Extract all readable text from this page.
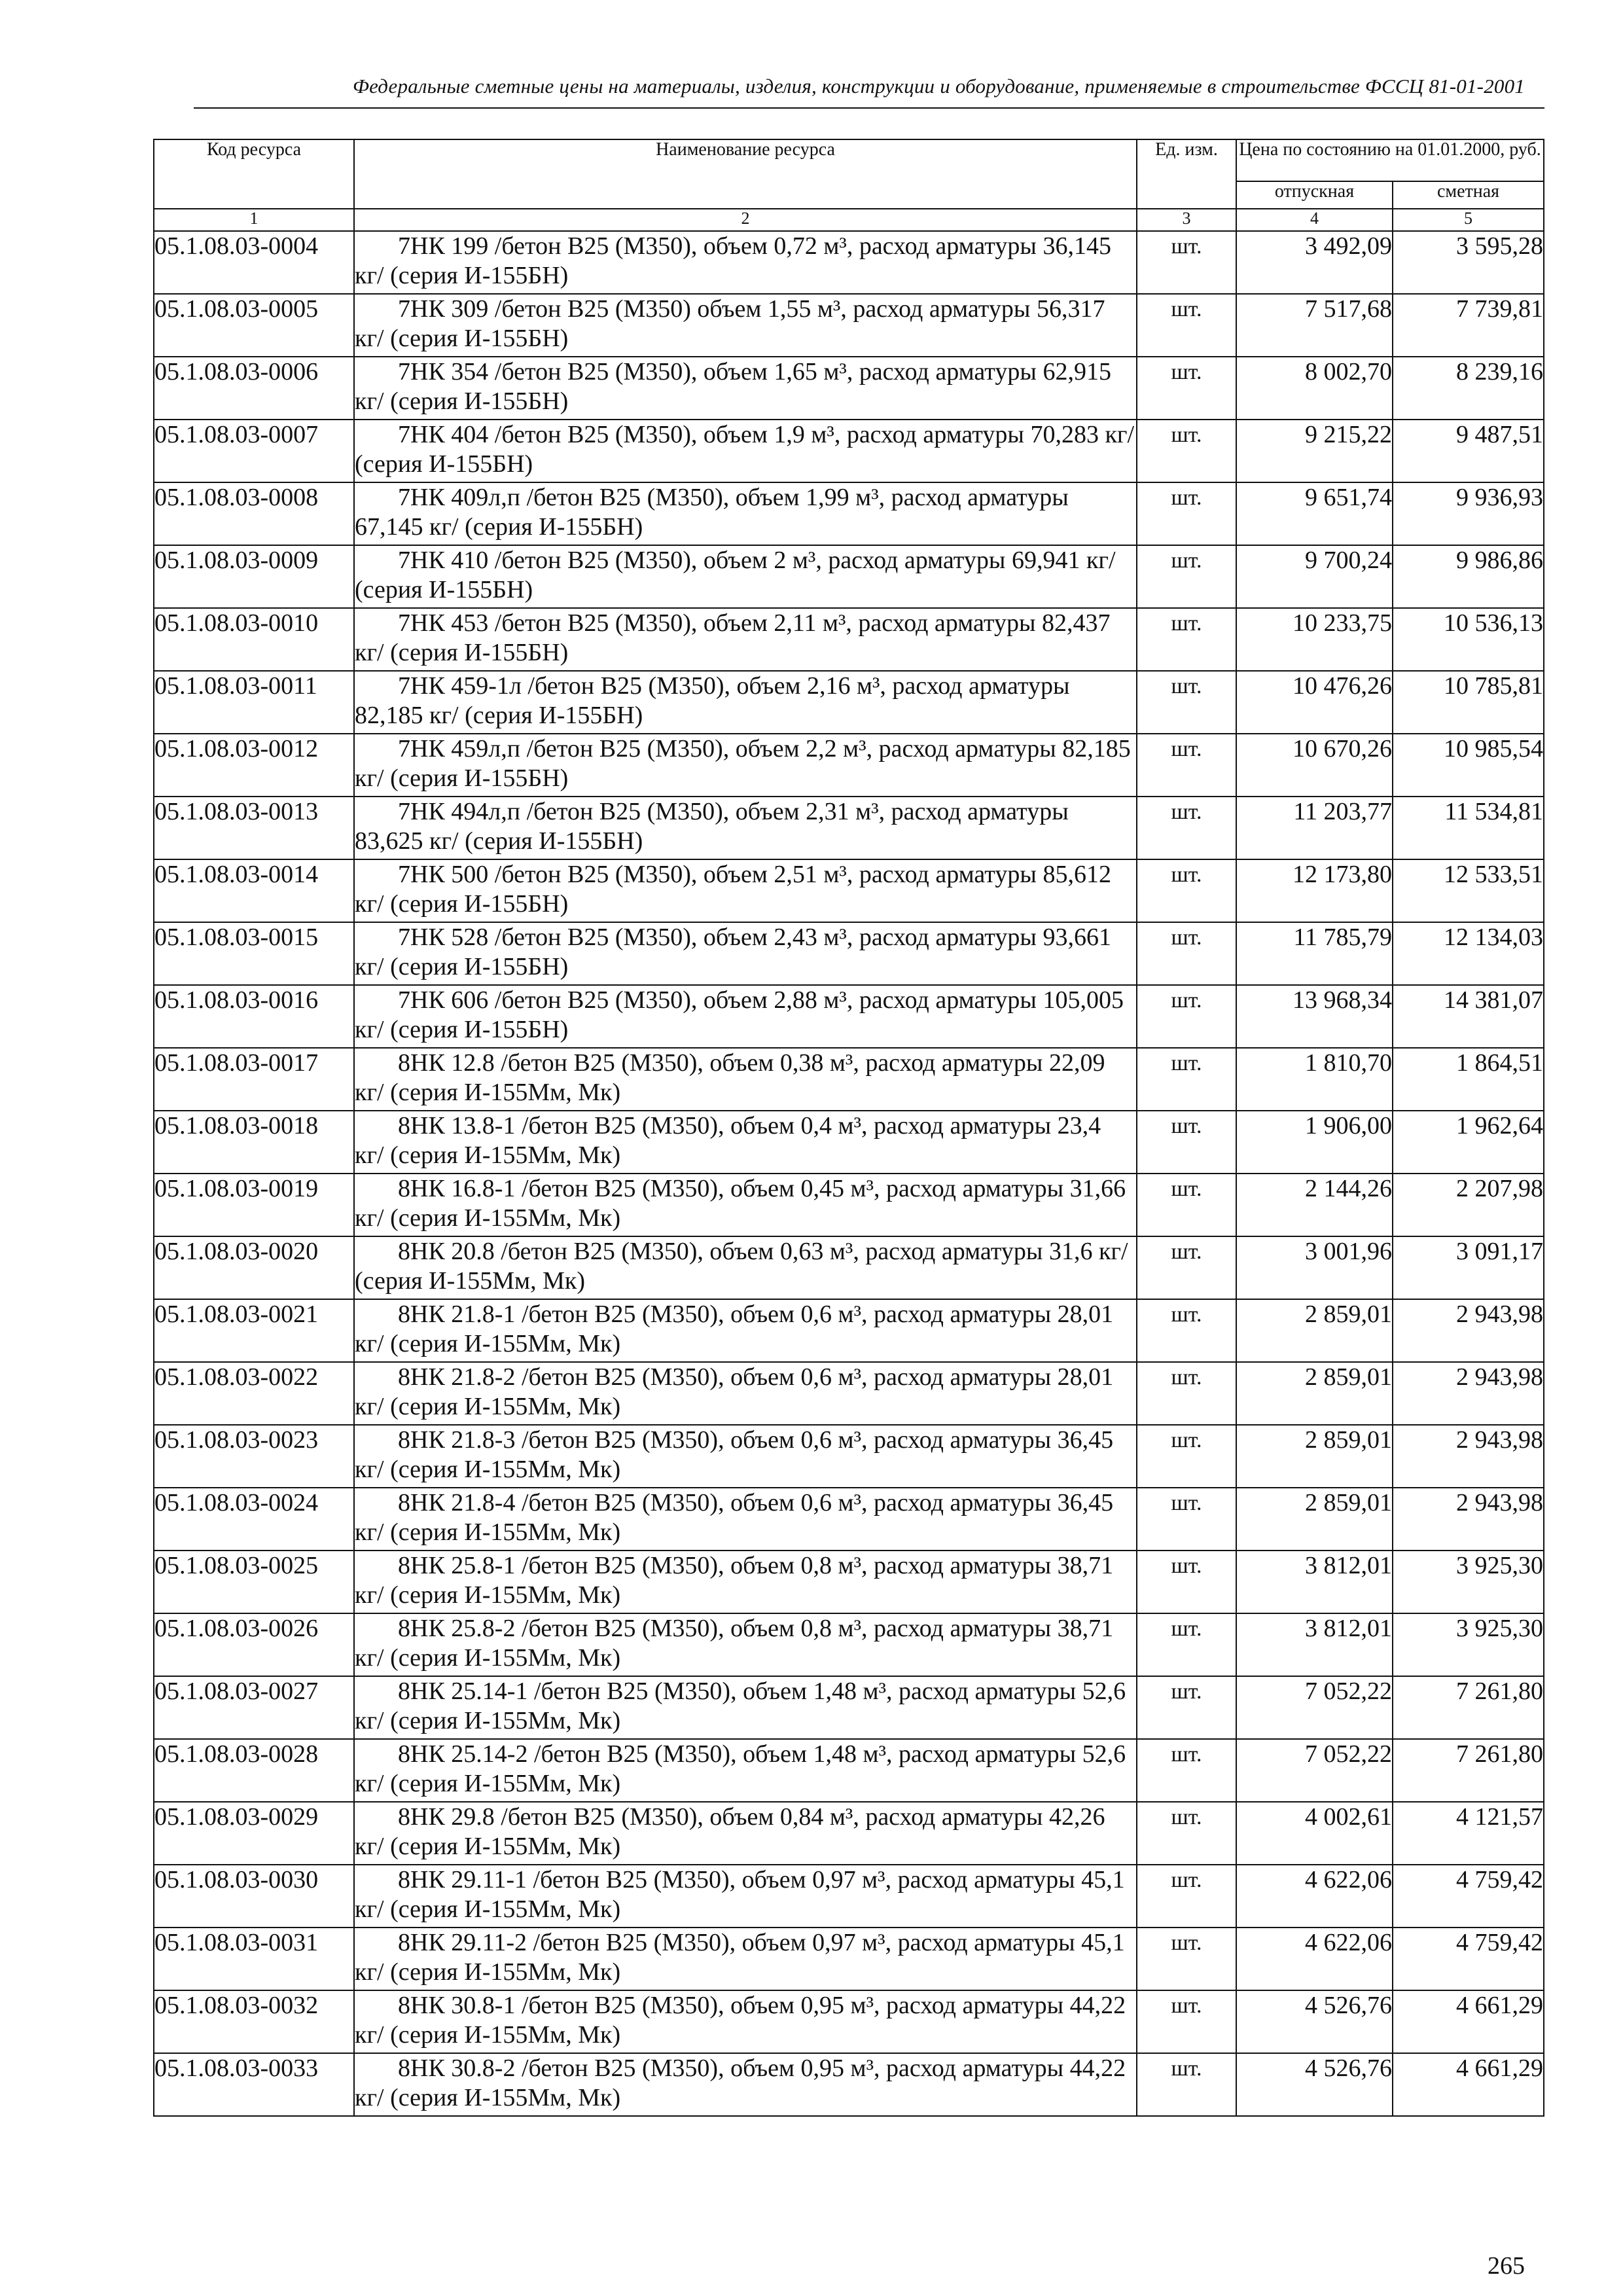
Федеральные сметные цены на материалы, изделия, конструкции и оборудование, применяемые в строительстве ФССЦ 81-01-2001
Код ресурса	Наименование ресурса	Ед. изм.	Цена по состоянию на 01.01.2000, руб.	
			отпускная	сметная
1	2	3	4	5
05.1.08.03-0004	7НК 199 /бетон В25 (М350), объем 0,72 м³, расход арматуры 36,145 кг/ (серия И-155БН)	шт.	3 492,09	3 595,28
05.1.08.03-0005	7НК 309 /бетон В25 (М350) объем 1,55 м³, расход арматуры 56,317 кг/ (серия И-155БН)	шт.	7 517,68	7 739,81
05.1.08.03-0006	7НК 354 /бетон В25 (М350), объем 1,65 м³, расход арматуры 62,915 кг/ (серия И-155БН)	шт.	8 002,70	8 239,16
05.1.08.03-0007	7НК 404 /бетон В25 (М350), объем 1,9 м³, расход арматуры 70,283 кг/ (серия И-155БН)	шт.	9 215,22	9 487,51
05.1.08.03-0008	7НК 409л,п /бетон В25 (М350), объем 1,99 м³, расход арматуры 67,145 кг/ (серия И-155БН)	шт.	9 651,74	9 936,93
05.1.08.03-0009	7НК 410 /бетон В25 (М350), объем 2 м³, расход арматуры 69,941 кг/ (серия И-155БН)	шт.	9 700,24	9 986,86
05.1.08.03-0010	7НК 453 /бетон В25 (М350), объем 2,11 м³, расход арматуры 82,437 кг/ (серия И-155БН)	шт.	10 233,75	10 536,13
05.1.08.03-0011	7НК 459-1л /бетон В25 (М350), объем 2,16 м³, расход арматуры 82,185 кг/ (серия И-155БН)	шт.	10 476,26	10 785,81
05.1.08.03-0012	7НК 459л,п /бетон В25 (М350), объем 2,2 м³, расход арматуры 82,185 кг/ (серия И-155БН)	шт.	10 670,26	10 985,54
05.1.08.03-0013	7НК 494л,п /бетон В25 (М350), объем 2,31 м³, расход арматуры 83,625 кг/ (серия И-155БН)	шт.	11 203,77	11 534,81
05.1.08.03-0014	7НК 500 /бетон В25 (М350), объем 2,51 м³, расход арматуры 85,612 кг/ (серия И-155БН)	шт.	12 173,80	12 533,51
05.1.08.03-0015	7НК 528 /бетон В25 (М350), объем 2,43 м³, расход арматуры 93,661 кг/ (серия И-155БН)	шт.	11 785,79	12 134,03
05.1.08.03-0016	7НК 606 /бетон В25 (М350), объем 2,88 м³, расход арматуры 105,005 кг/ (серия И-155БН)	шт.	13 968,34	14 381,07
05.1.08.03-0017	8НК 12.8 /бетон В25 (М350), объем 0,38 м³, расход арматуры 22,09 кг/ (серия И-155Мм, Мк)	шт.	1 810,70	1 864,51
05.1.08.03-0018	8НК 13.8-1 /бетон В25 (М350), объем 0,4 м³, расход арматуры 23,4 кг/ (серия И-155Мм, Мк)	шт.	1 906,00	1 962,64
05.1.08.03-0019	8НК 16.8-1 /бетон В25 (М350), объем 0,45 м³, расход арматуры 31,66 кг/ (серия И-155Мм, Мк)	шт.	2 144,26	2 207,98
05.1.08.03-0020	8НК 20.8 /бетон В25 (М350), объем 0,63 м³, расход арматуры 31,6 кг/ (серия И-155Мм, Мк)	шт.	3 001,96	3 091,17
05.1.08.03-0021	8НК 21.8-1 /бетон В25 (М350), объем 0,6 м³, расход арматуры 28,01 кг/ (серия И-155Мм, Мк)	шт.	2 859,01	2 943,98
05.1.08.03-0022	8НК 21.8-2 /бетон В25 (М350), объем 0,6 м³, расход арматуры 28,01 кг/ (серия И-155Мм, Мк)	шт.	2 859,01	2 943,98
05.1.08.03-0023	8НК 21.8-3 /бетон В25 (М350), объем 0,6 м³, расход арматуры 36,45 кг/ (серия И-155Мм, Мк)	шт.	2 859,01	2 943,98
05.1.08.03-0024	8НК 21.8-4 /бетон В25 (М350), объем 0,6 м³, расход арматуры 36,45 кг/ (серия И-155Мм, Мк)	шт.	2 859,01	2 943,98
05.1.08.03-0025	8НК 25.8-1 /бетон В25 (М350), объем 0,8 м³, расход арматуры 38,71 кг/ (серия И-155Мм, Мк)	шт.	3 812,01	3 925,30
05.1.08.03-0026	8НК 25.8-2 /бетон В25 (М350), объем 0,8 м³, расход арматуры 38,71 кг/ (серия И-155Мм, Мк)	шт.	3 812,01	3 925,30
05.1.08.03-0027	8НК 25.14-1 /бетон В25 (М350), объем 1,48 м³, расход арматуры 52,6 кг/ (серия И-155Мм, Мк)	шт.	7 052,22	7 261,80
05.1.08.03-0028	8НК 25.14-2 /бетон В25 (М350), объем 1,48 м³, расход арматуры 52,6 кг/ (серия И-155Мм, Мк)	шт.	7 052,22	7 261,80
05.1.08.03-0029	8НК 29.8 /бетон В25 (М350), объем 0,84 м³, расход арматуры 42,26 кг/ (серия И-155Мм, Мк)	шт.	4 002,61	4 121,57
05.1.08.03-0030	8НК 29.11-1 /бетон В25 (М350), объем 0,97 м³, расход арматуры 45,1 кг/ (серия И-155Мм, Мк)	шт.	4 622,06	4 759,42
05.1.08.03-0031	8НК 29.11-2 /бетон В25 (М350), объем 0,97 м³, расход арматуры 45,1 кг/ (серия И-155Мм, Мк)	шт.	4 622,06	4 759,42
05.1.08.03-0032	8НК 30.8-1 /бетон В25 (М350), объем 0,95 м³, расход арматуры 44,22 кг/ (серия И-155Мм, Мк)	шт.	4 526,76	4 661,29
05.1.08.03-0033	8НК 30.8-2 /бетон В25 (М350), объем 0,95 м³, расход арматуры 44,22 кг/ (серия И-155Мм, Мк)	шт.	4 526,76	4 661,29
265
